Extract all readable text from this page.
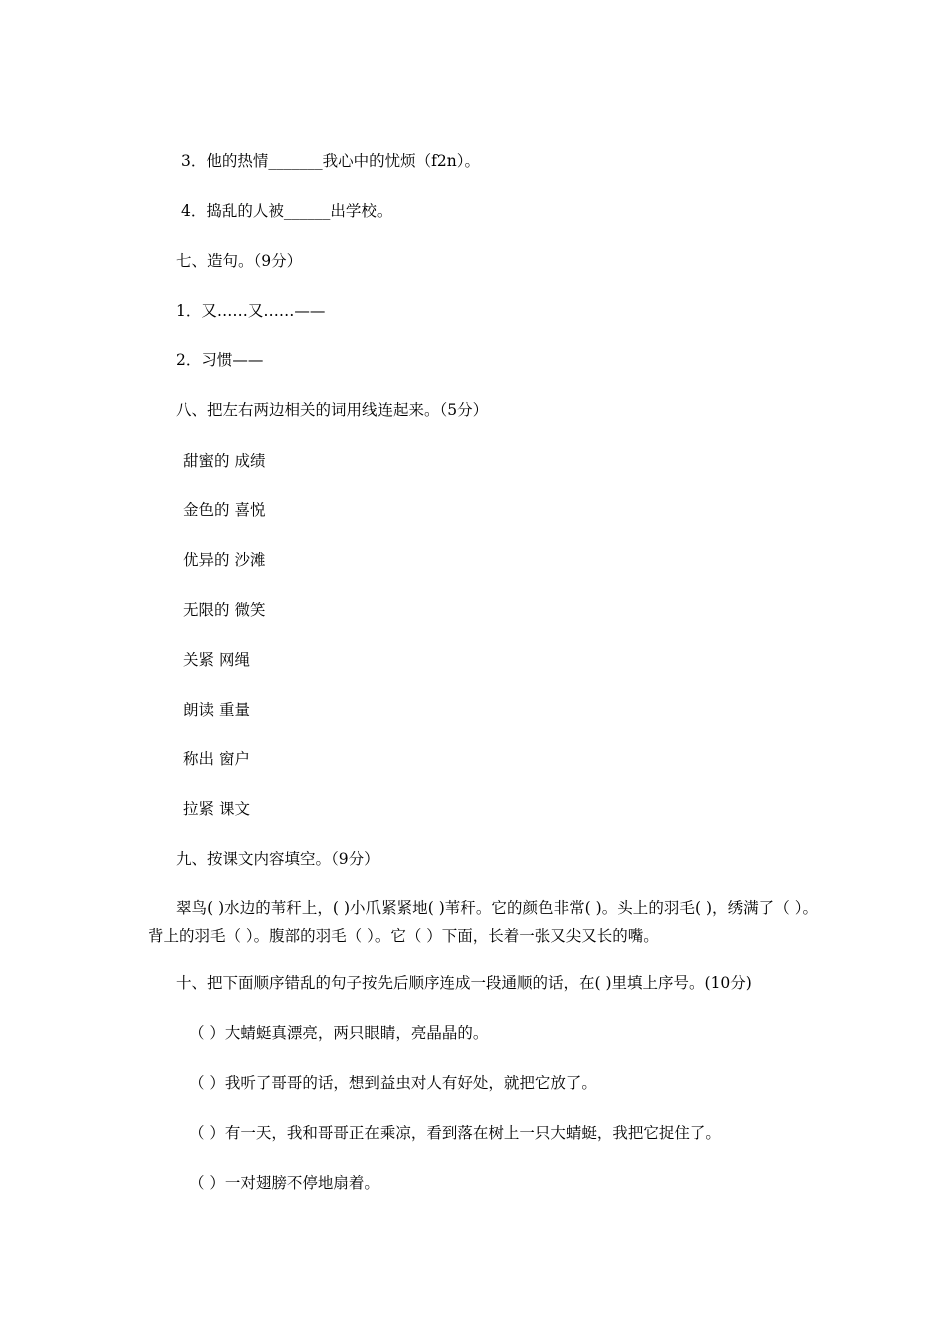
3．他的热情_______我心中的忧烦（f2n）。
4．捣乱的人被______出学校。
七、造句。（9分）
1．又……又……——
2．习惯——
八、把左右两边相关的词用线连起来。（5分）
甜蜜的 成绩
金色的 喜悦
优异的 沙滩
无限的 微笑
关紧 网绳
朗读 重量
称出 窗户
拉紧 课文
九、按课文内容填空。（9分）
翠鸟( )水边的苇秆上，( )小爪紧紧地( )苇秆。它的颜色非常( )。头上的羽毛( )，绣满了（ ）。背上的羽毛（ ）。腹部的羽毛（ ）。它（ ）下面，长着一张又尖又长的嘴。
十、把下面顺序错乱的句子按先后顺序连成一段通顺的话，在( )里填上序号。(10分)
（ ）大蜻蜓真漂亮，两只眼睛，亮晶晶的。
（ ）我听了哥哥的话，想到益虫对人有好处，就把它放了。
（ ）有一天，我和哥哥正在乘凉，看到落在树上一只大蜻蜓，我把它捉住了。
（ ）一对翅膀不停地扇着。
